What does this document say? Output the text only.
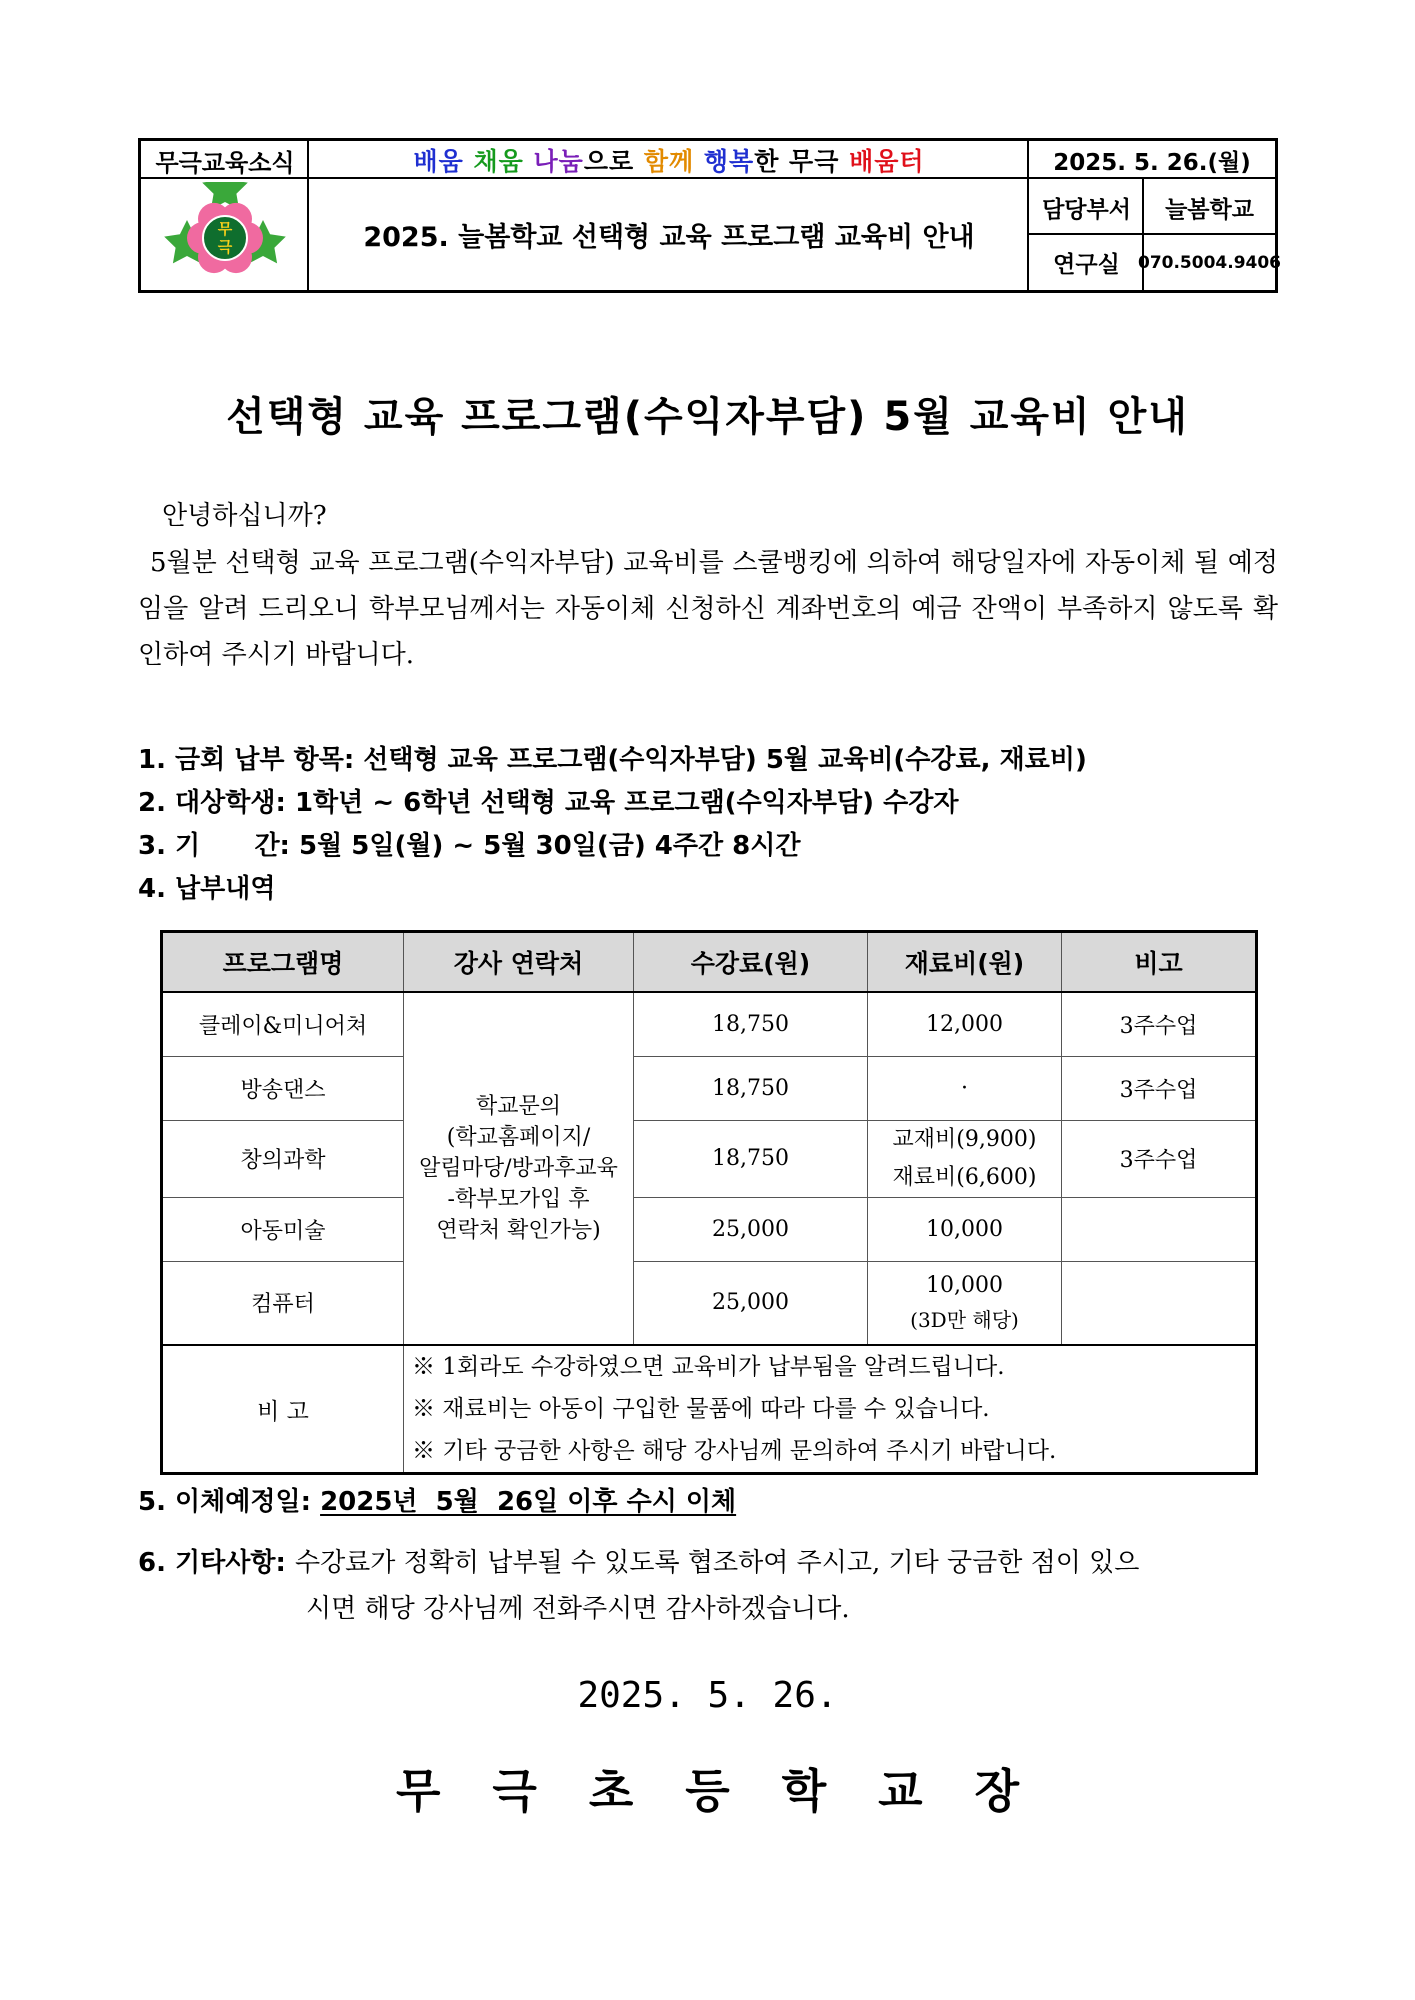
무극교육소식	배움
채움
나눔 으로 함께
행복 한 무극 배움터	2025. 5. 26.(월)
무
극	2025. 늘봄학교 선택형 교육 프로그램 교육비 안내
담당부서	늘봄학교
연구실	070.5004.9406
선택형 교육 프로그램(수익자부담) 5월 교육비 안내
안녕하십니까?
5월분 선택형 교육 프로그램(수익자부담) 교육비를 스쿨뱅킹에 의하여 해당일자에 자동이체 될 예정임을 알려 드리오니 학부모님께서는 자동이체 신청하신 계좌번호의 예금 잔액이 부족하지 않도록 확인하여 주시기 바랍니다.
1. 금회 납부 항목: 선택형 교육 프로그램(수익자부담) 5월 교육비(수강료, 재료비)
2. 대상학생: 1학년 ~ 6학년 선택형 교육 프로그램(수익자부담) 수강자
3. 기      간: 5월 5일(월) ~ 5월 30일(금) 4주간 8시간
4. 납부내역
프로그램명	강사 연락처	수강료(원)	재료비(원)	비고
클레이&미니어쳐	학교문의
(학교홈페이지/
알림마당/방과후교육
-학부모가입 후
연락처 확인가능)	18,750	12,000	3주수업
방송댄스		18,750	·	3주수업
창의과학		18,750	교재비(9,900)
재료비(6,600)	3주수업
아동미술		25,000	10,000	
컴퓨터		25,000	10,000
(3D만 해당)	

비 고	※ 1회라도 수강하였으면 교육비가 납부됨을 알려드립니다.
※ 재료비는 아동이 구입한 물품에 따라 다를 수 있습니다.
※ 기타 궁금한 사항은 해당 강사님께 문의하여 주시기 바랍니다.			
5. 이체예정일: 2025년  5월  26일 이후 수시 이체
6. 기타사항: 수강료가 정확히 납부될 수 있도록 협조하여 주시고, 기타 궁금한 점이 있으
시면 해당 강사님께 전화주시면 감사하겠습니다.
2025. 5. 26.
무극초등학교장
